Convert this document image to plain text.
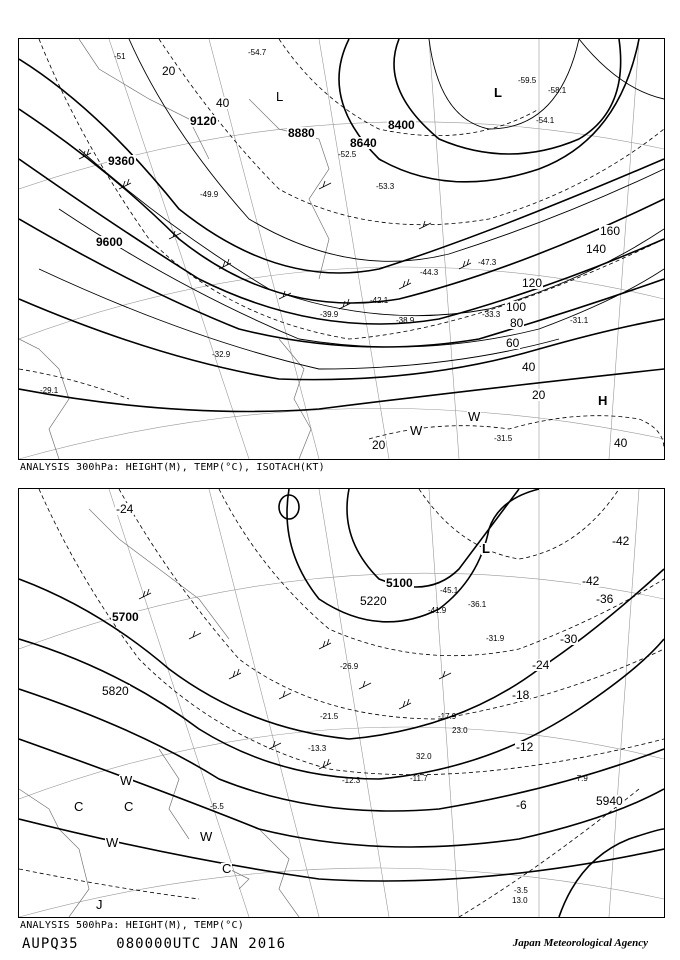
9120
9360
9600
8880
8640
8400
20
40
60
80
100
120
140
160
20
20
40
40
L
L
H
W
W
-51	-54.7
-53.3
-52.5
-49.9
-47.3
-44.3
-42.1
-39.9
-38.9
-33.3
-31.1
-32.9
-29.1
-31.5
-59.5
-58.1
-54.1
ANALYSIS 300hPa: HEIGHT(M), TEMP(°C), ISOTACH(KT)
5700
5820
5100
5220
5940
-24
-42
-36
-30
-24
-18
-12
-6
-42
L
C	C
C
W
W	W
J
-45.1
-41.9
-36.1
-31.9
-26.9
-21.5	-17.9
-13.3
-12.3	-11.7	-7.9
-5.5
-3.5
13.0
32.0
23.0
ANALYSIS 500hPa: HEIGHT(M), TEMP(°C)
AUPQ35	080000UTC JAN 2016	Japan Meteorological Agency
